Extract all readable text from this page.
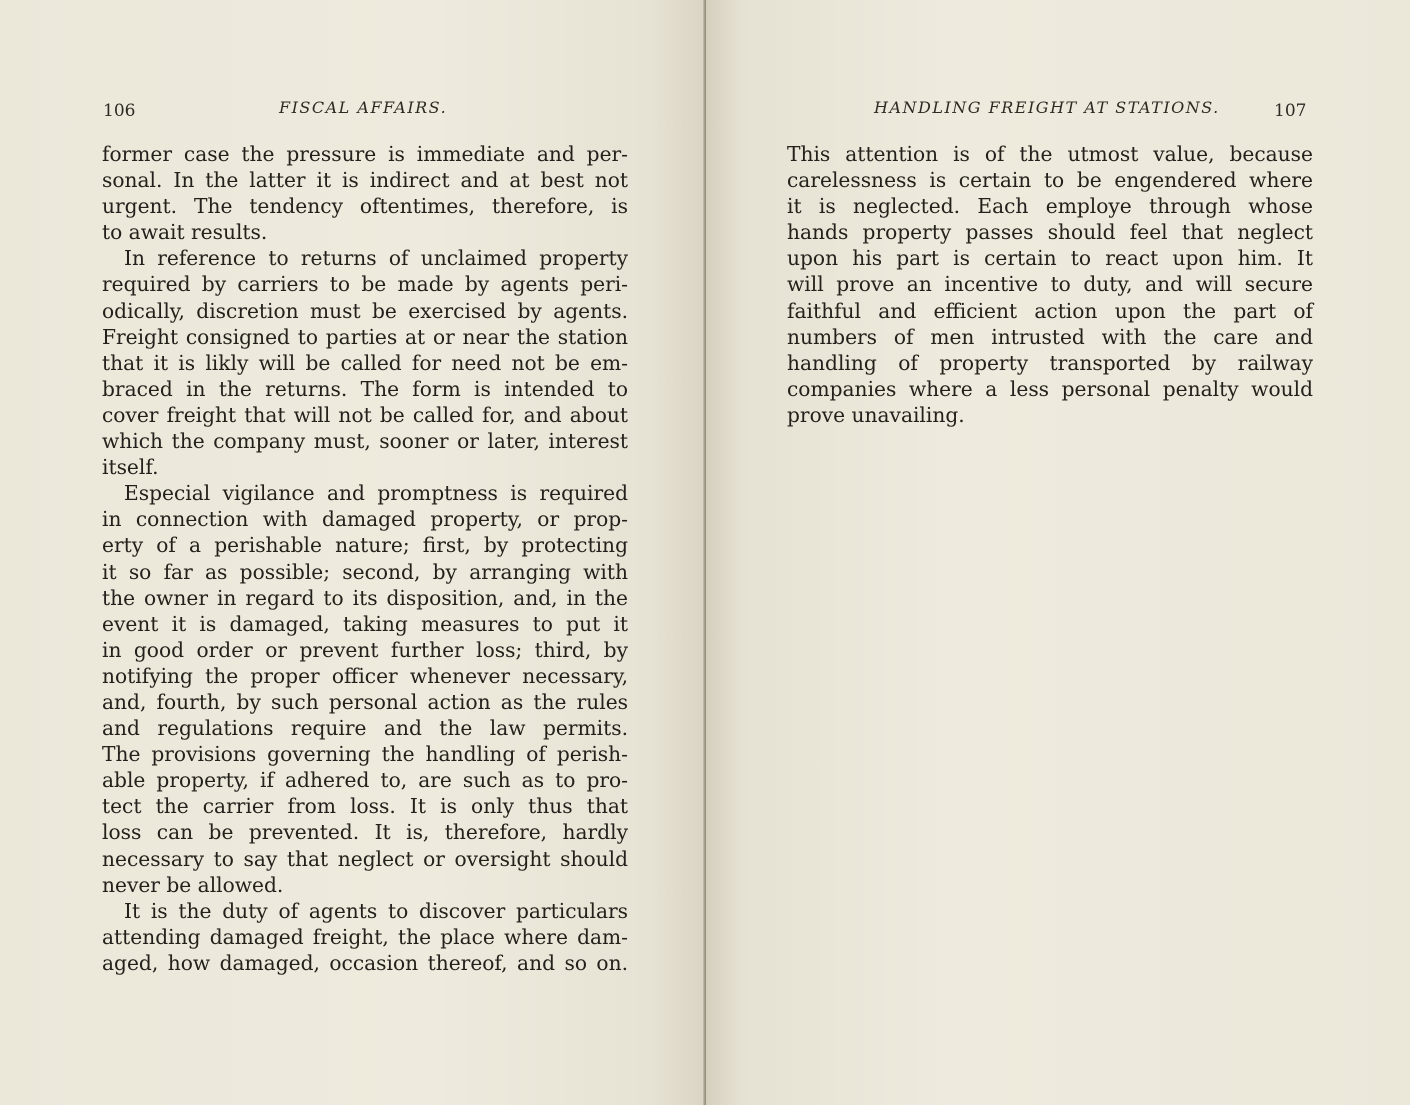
106	FISCAL AFFAIRS.
former case the pressure is immediate and per-
sonal. In the latter it is indirect and at best not
urgent. The tendency oftentimes, therefore, is
to await results.
In reference to returns of unclaimed property
required by carriers to be made by agents peri-
odically, discretion must be exercised by agents.
Freight consigned to parties at or near the station
that it is likly will be called for need not be em-
braced in the returns. The form is intended to
cover freight that will not be called for, and about
which the company must, sooner or later, interest
itself.
Especial vigilance and promptness is required
in connection with damaged property, or prop-
erty of a perishable nature; first, by protecting
it so far as possible; second, by arranging with
the owner in regard to its disposition, and, in the
event it is damaged, taking measures to put it
in good order or prevent further loss; third, by
notifying the proper officer whenever necessary,
and, fourth, by such personal action as the rules
and regulations require and the law permits.
The provisions governing the handling of perish-
able property, if adhered to, are such as to pro-
tect the carrier from loss. It is only thus that
loss can be prevented. It is, therefore, hardly
necessary to say that neglect or oversight should
never be allowed.
It is the duty of agents to discover particulars
attending damaged freight, the place where dam-
aged, how damaged, occasion thereof, and so on.
HANDLING FREIGHT AT STATIONS.	107
This attention is of the utmost value, because
carelessness is certain to be engendered where
it is neglected. Each employe through whose
hands property passes should feel that neglect
upon his part is certain to react upon him. It
will prove an incentive to duty, and will secure
faithful and efficient action upon the part of
numbers of men intrusted with the care and
handling of property transported by railway
companies where a less personal penalty would
prove unavailing.
